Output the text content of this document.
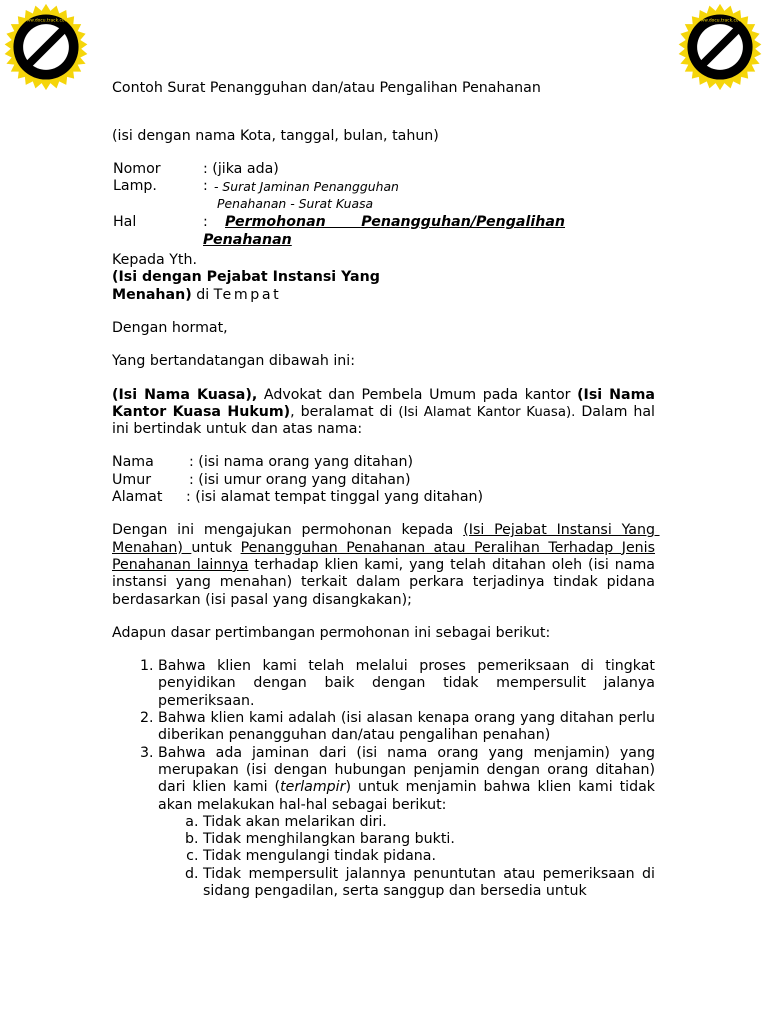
www.docu.track.com	www.docu.track.com
Contoh Surat Penangguhan dan/atau Pengalihan Penahanan
(isi dengan nama Kota, tanggal, bulan, tahun)
Nomor	: (jika ada)
Lamp.	: - Surat Jaminan Penangguhan
Penahanan - Surat Kuasa
Hal	:	Permohonan Penangguhan/Pengalihan
Penahanan
Kepada Yth.
(Isi dengan Pejabat Instansi Yang
Menahan) di Tempat
Dengan hormat,
Yang bertandatangan dibawah ini:
(Isi Nama Kuasa), Advokat dan Pembela Umum pada kantor (Isi Nama Kantor Kuasa Hukum), beralamat di (Isi Alamat Kantor Kuasa). Dalam hal ini bertindak untuk dan atas nama:
Nama	: (isi nama orang yang ditahan)
Umur	: (isi umur orang yang ditahan)
Alamat	: (isi alamat tempat tinggal yang ditahan)
Dengan ini mengajukan permohonan kepada (Isi Pejabat Instansi Yang Menahan) untuk Penangguhan Penahanan atau Peralihan Terhadap Jenis Penahanan lainnya terhadap klien kami, yang telah ditahan oleh (isi nama instansi yang menahan) terkait dalam perkara terjadinya tindak pidana berdasarkan (isi pasal yang disangkakan);
Adapun dasar pertimbangan permohonan ini sebagai berikut:
1. Bahwa klien kami telah melalui proses pemeriksaan di tingkat penyidikan dengan baik dengan tidak mempersulit jalanya pemeriksaan.
2. Bahwa klien kami adalah (isi alasan kenapa orang yang ditahan perlu diberikan penangguhan dan/atau pengalihan penahan)
3. Bahwa ada jaminan dari (isi nama orang yang menjamin) yang merupakan (isi dengan hubungan penjamin dengan orang ditahan) dari klien kami (terlampir) untuk menjamin bahwa klien kami tidak akan melakukan hal-hal sebagai berikut:
a. Tidak akan melarikan diri.
b. Tidak menghilangkan barang bukti.
c. Tidak mengulangi tindak pidana.
d. Tidak mempersulit jalannya penuntutan atau pemeriksaan di sidang pengadilan, serta sanggup dan bersedia untuk
